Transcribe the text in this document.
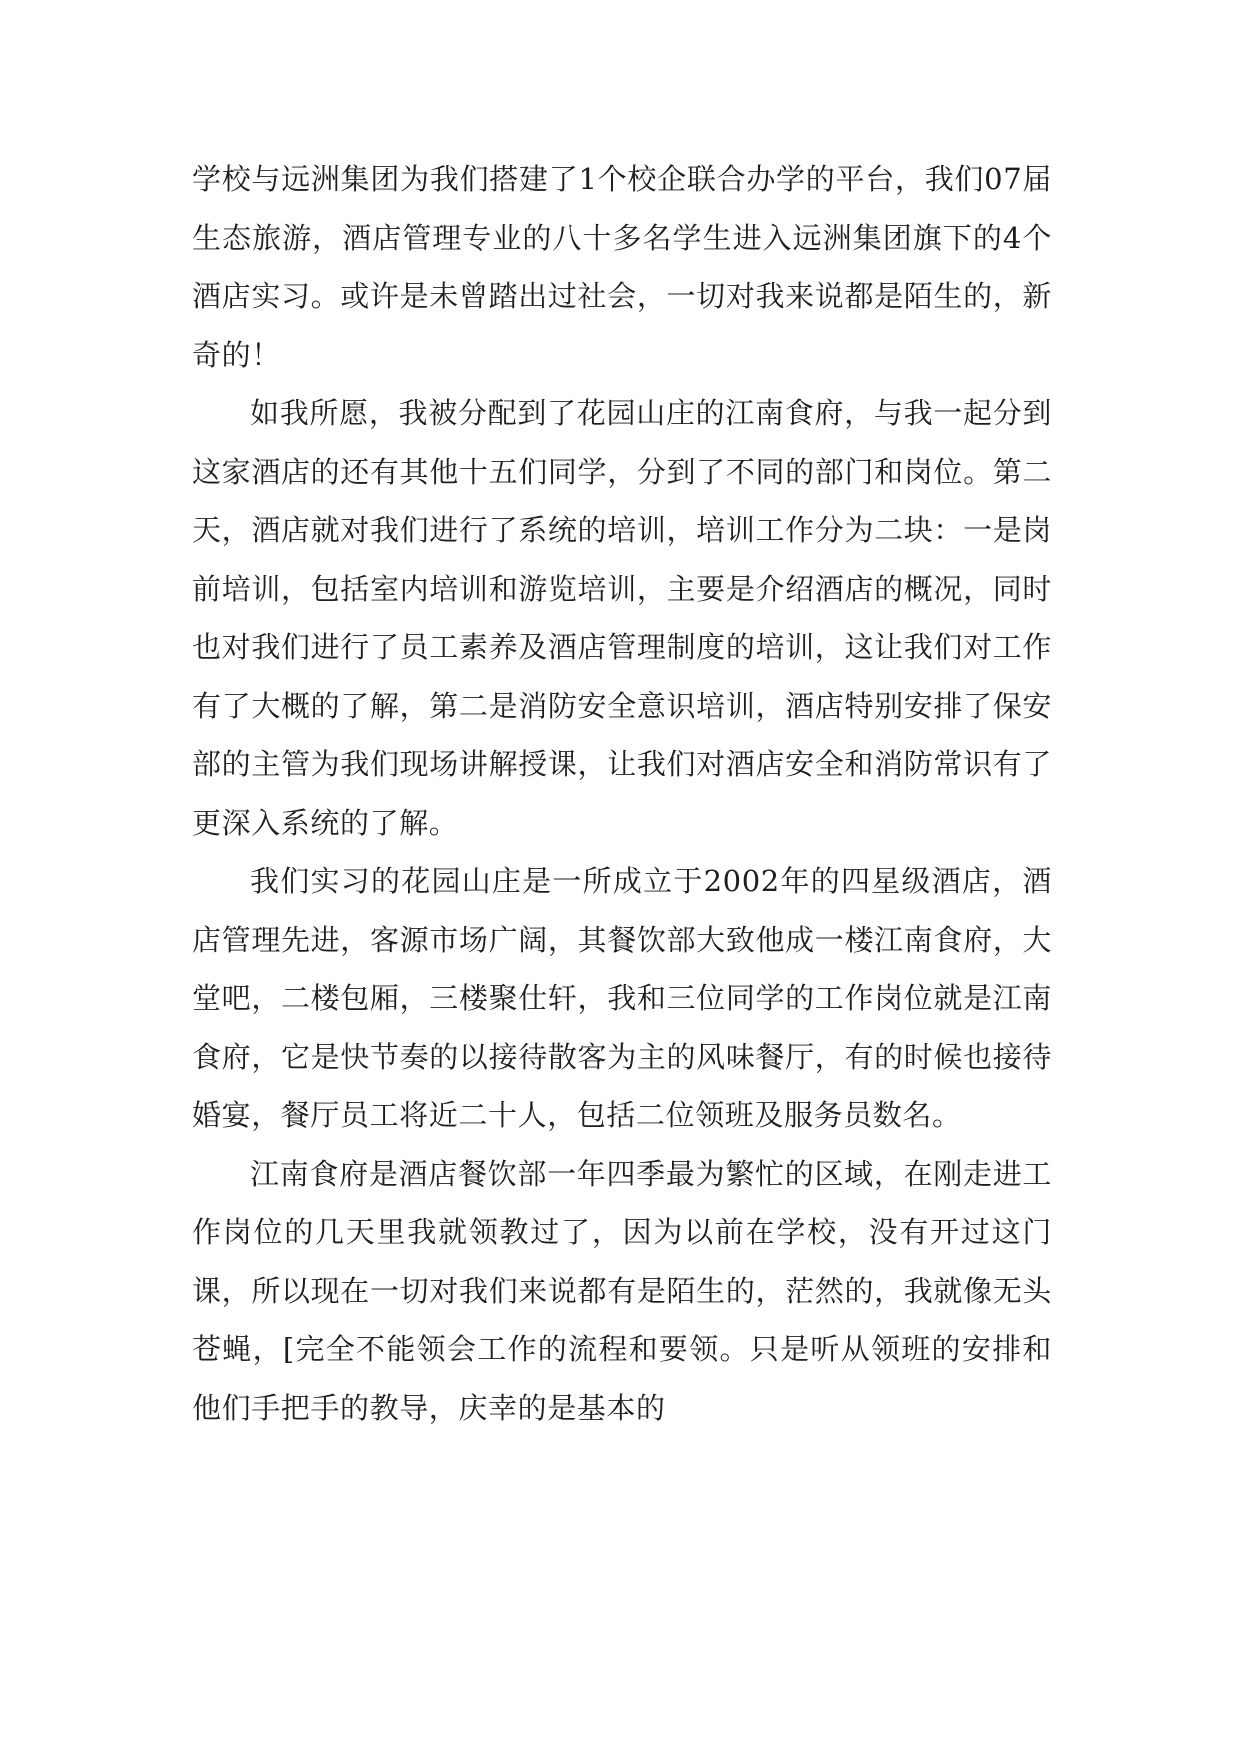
学校与远洲集团为我们搭建了1个校企联合办学的平台，我们07届生态旅游，酒店管理专业的八十多名学生进入远洲集团旗下的4个酒店实习。或许是未曾踏出过社会，一切对我来说都是陌生的，新奇的！

如我所愿，我被分配到了花园山庄的江南食府，与我一起分到这家酒店的还有其他十五们同学，分到了不同的部门和岗位。第二天，酒店就对我们进行了系统的培训，培训工作分为二块：一是岗前培训，包括室内培训和游览培训，主要是介绍酒店的概况，同时也对我们进行了员工素养及酒店管理制度的培训，这让我们对工作有了大概的了解，第二是消防安全意识培训，酒店特别安排了保安部的主管为我们现场讲解授课，让我们对酒店安全和消防常识有了更深入系统的了解。

我们实习的花园山庄是一所成立于2002年的四星级酒店，酒店管理先进，客源市场广阔，其餐饮部大致他成一楼江南食府，大堂吧，二楼包厢，三楼聚仕轩，我和三位同学的工作岗位就是江南食府，它是快节奏的以接待散客为主的风味餐厅，有的时候也接待婚宴，餐厅员工将近二十人，包括二位领班及服务员数名。

江南食府是酒店餐饮部一年四季最为繁忙的区域，在刚走进工作岗位的几天里我就领教过了，因为以前在学校，没有开过这门课，所以现在一切对我们来说都有是陌生的，茫然的，我就像无头苍蝇，[完全不能领会工作的流程和要领。只是听从领班的安排和他们手把手的教导，庆幸的是基本的
